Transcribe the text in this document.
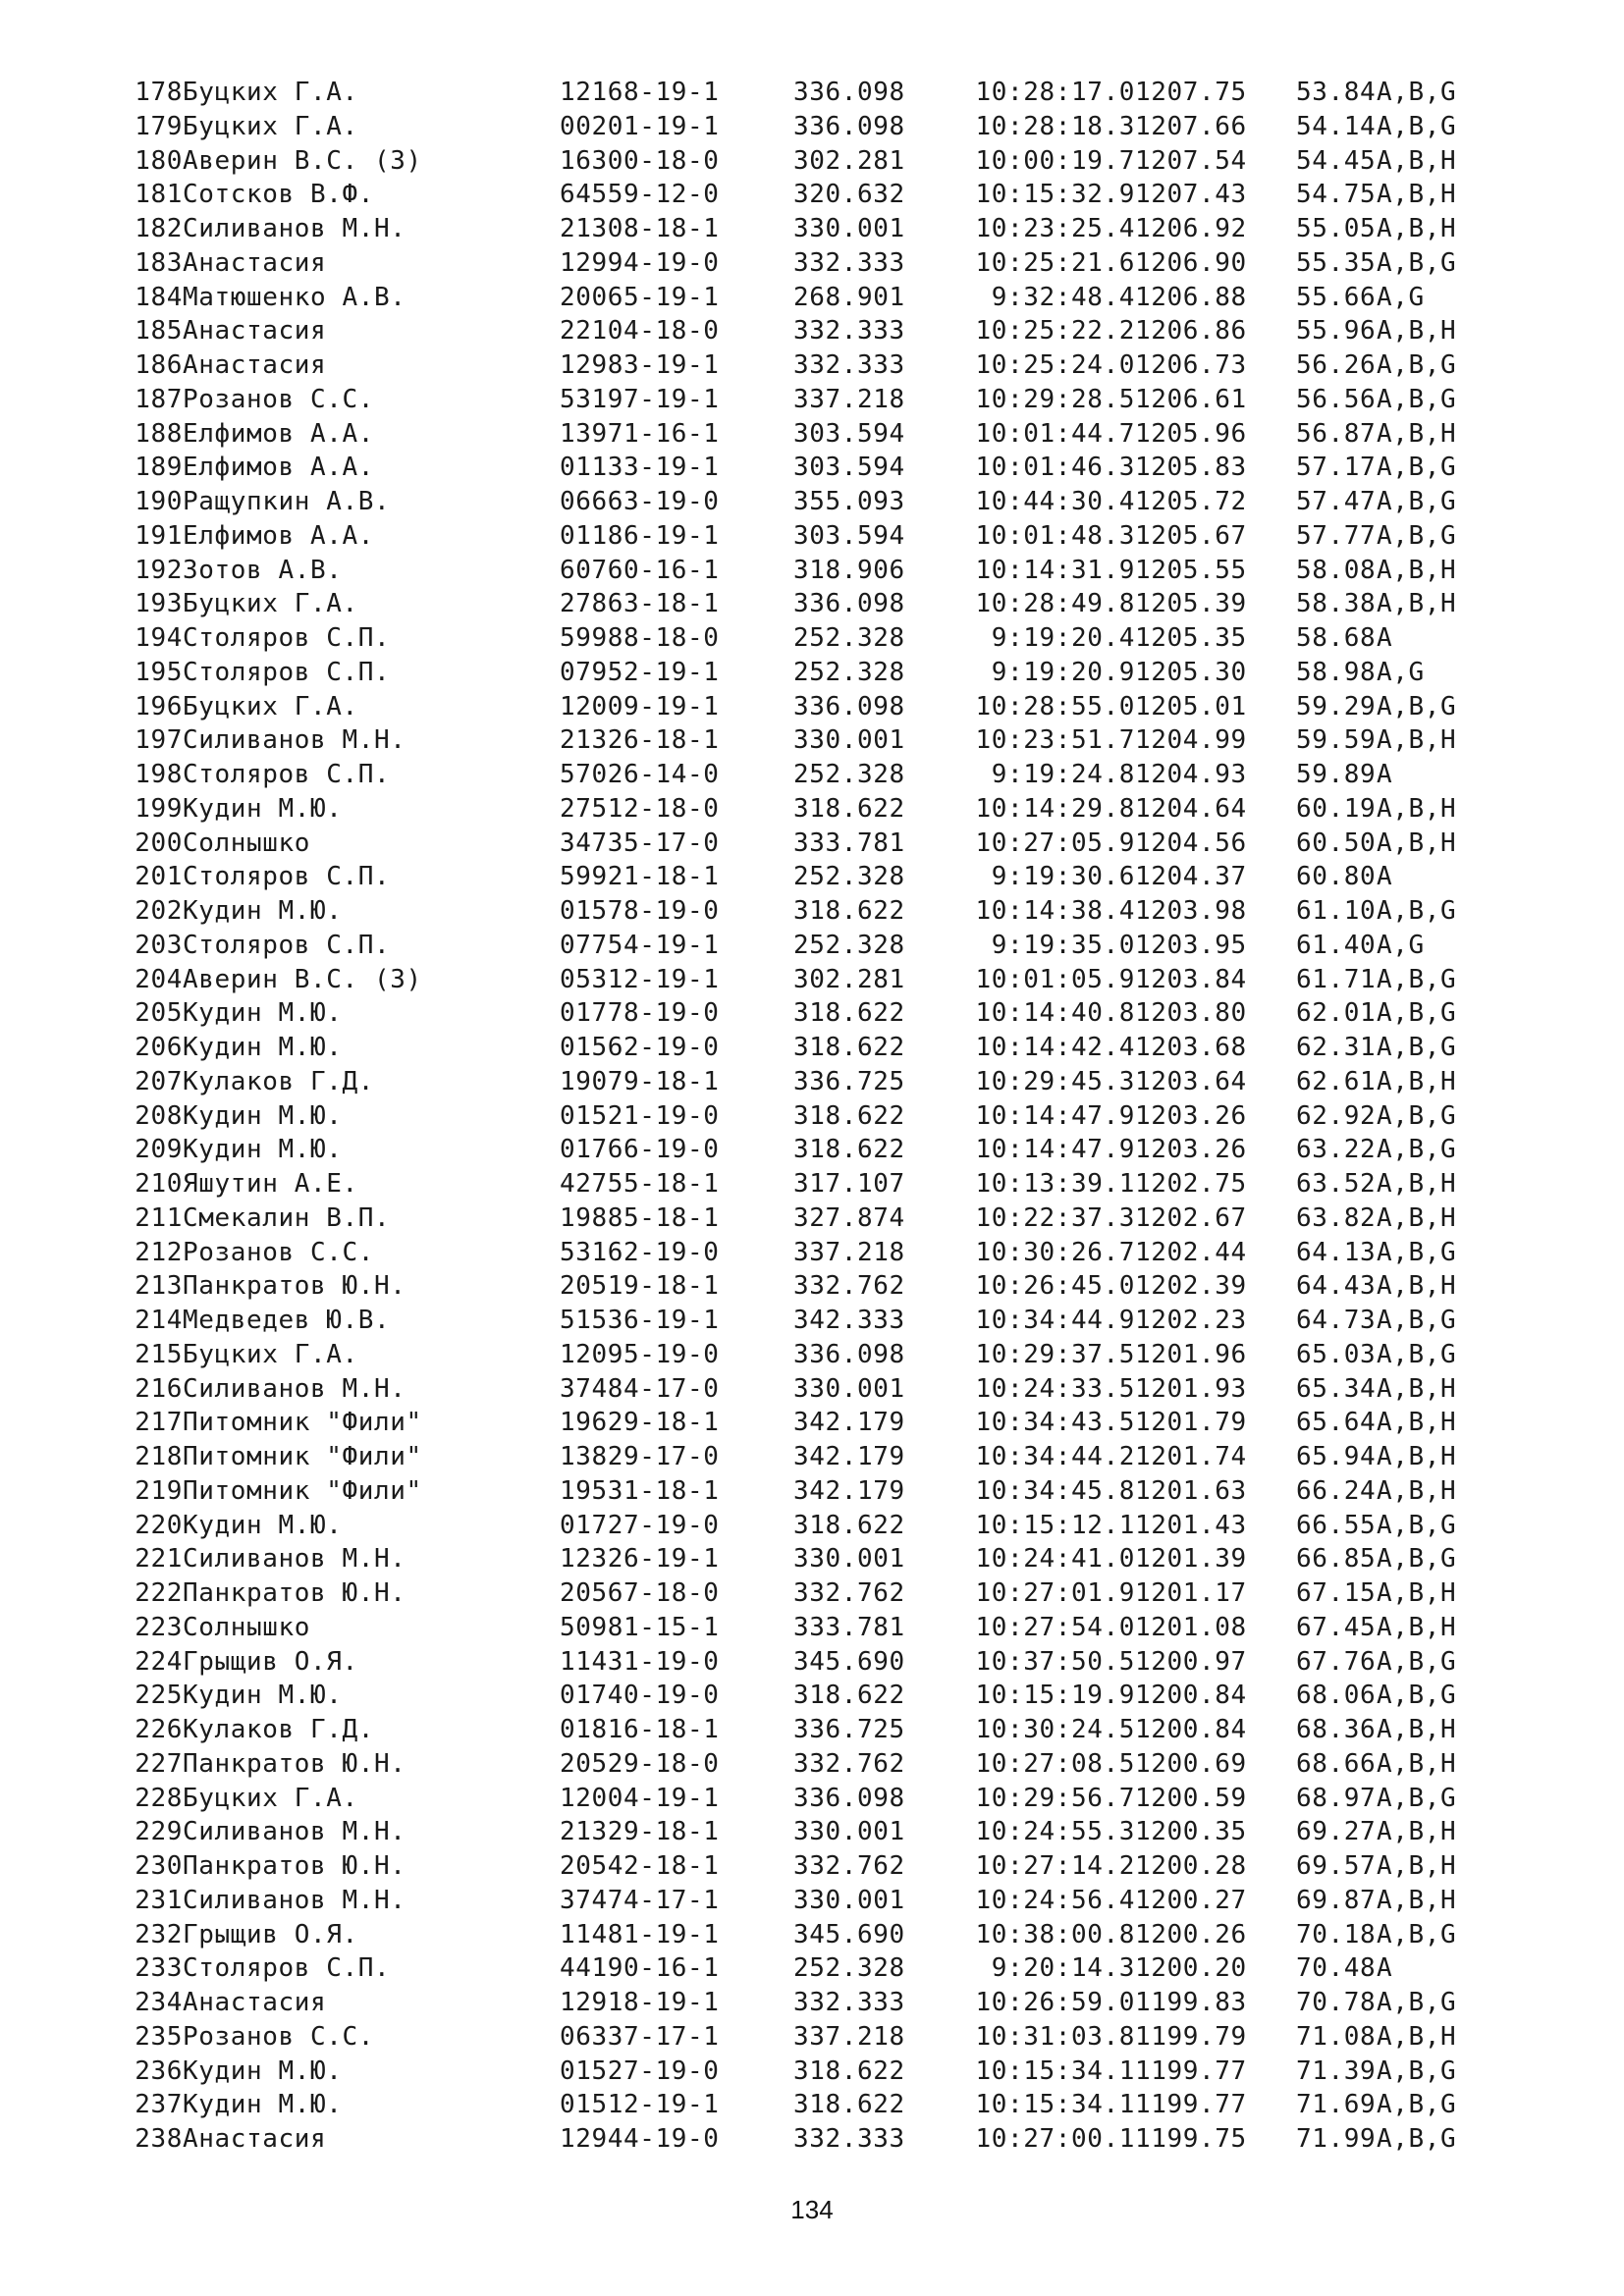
178	Буцких Г.А.	12168-19-1	336.098	10:28:17.0	1207.75	53.84	A,B,G
179	Буцких Г.А.	00201-19-1	336.098	10:28:18.3	1207.66	54.14	A,B,G
180	Аверин В.С. (З)	16300-18-0	302.281	10:00:19.7	1207.54	54.45	A,B,H
181	Сотсков В.Ф.	64559-12-0	320.632	10:15:32.9	1207.43	54.75	A,B,H
182	Силиванов М.Н.	21308-18-1	330.001	10:23:25.4	1206.92	55.05	A,B,H
183	Анастасия	12994-19-0	332.333	10:25:21.6	1206.90	55.35	A,B,G
184	Матюшенко А.В.	20065-19-1	268.901	9:32:48.4	1206.88	55.66	A,G
185	Анастасия	22104-18-0	332.333	10:25:22.2	1206.86	55.96	A,B,H
186	Анастасия	12983-19-1	332.333	10:25:24.0	1206.73	56.26	A,B,G
187	Розанов С.С.	53197-19-1	337.218	10:29:28.5	1206.61	56.56	A,B,G
188	Елфимов А.А.	13971-16-1	303.594	10:01:44.7	1205.96	56.87	A,B,H
189	Елфимов А.А.	01133-19-1	303.594	10:01:46.3	1205.83	57.17	A,B,G
190	Ращупкин А.В.	06663-19-0	355.093	10:44:30.4	1205.72	57.47	A,B,G
191	Елфимов А.А.	01186-19-1	303.594	10:01:48.3	1205.67	57.77	A,B,G
192	Зотов А.В.	60760-16-1	318.906	10:14:31.9	1205.55	58.08	A,B,H
193	Буцких Г.А.	27863-18-1	336.098	10:28:49.8	1205.39	58.38	A,B,H
194	Столяров С.П.	59988-18-0	252.328	9:19:20.4	1205.35	58.68	A
195	Столяров С.П.	07952-19-1	252.328	9:19:20.9	1205.30	58.98	A,G
196	Буцких Г.А.	12009-19-1	336.098	10:28:55.0	1205.01	59.29	A,B,G
197	Силиванов М.Н.	21326-18-1	330.001	10:23:51.7	1204.99	59.59	A,B,H
198	Столяров С.П.	57026-14-0	252.328	9:19:24.8	1204.93	59.89	A
199	Кудин М.Ю.	27512-18-0	318.622	10:14:29.8	1204.64	60.19	A,B,H
200	Солнышко	34735-17-0	333.781	10:27:05.9	1204.56	60.50	A,B,H
201	Столяров С.П.	59921-18-1	252.328	9:19:30.6	1204.37	60.80	A
202	Кудин М.Ю.	01578-19-0	318.622	10:14:38.4	1203.98	61.10	A,B,G
203	Столяров С.П.	07754-19-1	252.328	9:19:35.0	1203.95	61.40	A,G
204	Аверин В.С. (З)	05312-19-1	302.281	10:01:05.9	1203.84	61.71	A,B,G
205	Кудин М.Ю.	01778-19-0	318.622	10:14:40.8	1203.80	62.01	A,B,G
206	Кудин М.Ю.	01562-19-0	318.622	10:14:42.4	1203.68	62.31	A,B,G
207	Кулаков Г.Д.	19079-18-1	336.725	10:29:45.3	1203.64	62.61	A,B,H
208	Кудин М.Ю.	01521-19-0	318.622	10:14:47.9	1203.26	62.92	A,B,G
209	Кудин М.Ю.	01766-19-0	318.622	10:14:47.9	1203.26	63.22	A,B,G
210	Яшутин А.Е.	42755-18-1	317.107	10:13:39.1	1202.75	63.52	A,B,H
211	Смекалин В.П.	19885-18-1	327.874	10:22:37.3	1202.67	63.82	A,B,H
212	Розанов С.С.	53162-19-0	337.218	10:30:26.7	1202.44	64.13	A,B,G
213	Панкратов Ю.Н.	20519-18-1	332.762	10:26:45.0	1202.39	64.43	A,B,H
214	Медведев Ю.В.	51536-19-1	342.333	10:34:44.9	1202.23	64.73	A,B,G
215	Буцких Г.А.	12095-19-0	336.098	10:29:37.5	1201.96	65.03	A,B,G
216	Силиванов М.Н.	37484-17-0	330.001	10:24:33.5	1201.93	65.34	A,B,H
217	Питомник "Фили"	19629-18-1	342.179	10:34:43.5	1201.79	65.64	A,B,H
218	Питомник "Фили"	13829-17-0	342.179	10:34:44.2	1201.74	65.94	A,B,H
219	Питомник "Фили"	19531-18-1	342.179	10:34:45.8	1201.63	66.24	A,B,H
220	Кудин М.Ю.	01727-19-0	318.622	10:15:12.1	1201.43	66.55	A,B,G
221	Силиванов М.Н.	12326-19-1	330.001	10:24:41.0	1201.39	66.85	A,B,G
222	Панкратов Ю.Н.	20567-18-0	332.762	10:27:01.9	1201.17	67.15	A,B,H
223	Солнышко	50981-15-1	333.781	10:27:54.0	1201.08	67.45	A,B,H
224	Грыщив О.Я.	11431-19-0	345.690	10:37:50.5	1200.97	67.76	A,B,G
225	Кудин М.Ю.	01740-19-0	318.622	10:15:19.9	1200.84	68.06	A,B,G
226	Кулаков Г.Д.	01816-18-1	336.725	10:30:24.5	1200.84	68.36	A,B,H
227	Панкратов Ю.Н.	20529-18-0	332.762	10:27:08.5	1200.69	68.66	A,B,H
228	Буцких Г.А.	12004-19-1	336.098	10:29:56.7	1200.59	68.97	A,B,G
229	Силиванов М.Н.	21329-18-1	330.001	10:24:55.3	1200.35	69.27	A,B,H
230	Панкратов Ю.Н.	20542-18-1	332.762	10:27:14.2	1200.28	69.57	A,B,H
231	Силиванов М.Н.	37474-17-1	330.001	10:24:56.4	1200.27	69.87	A,B,H
232	Грыщив О.Я.	11481-19-1	345.690	10:38:00.8	1200.26	70.18	A,B,G
233	Столяров С.П.	44190-16-1	252.328	9:20:14.3	1200.20	70.48	A
234	Анастасия	12918-19-1	332.333	10:26:59.0	1199.83	70.78	A,B,G
235	Розанов С.С.	06337-17-1	337.218	10:31:03.8	1199.79	71.08	A,B,H
236	Кудин М.Ю.	01527-19-0	318.622	10:15:34.1	1199.77	71.39	A,B,G
237	Кудин М.Ю.	01512-19-1	318.622	10:15:34.1	1199.77	71.69	A,B,G
238	Анастасия	12944-19-0	332.333	10:27:00.1	1199.75	71.99	A,B,G
134
